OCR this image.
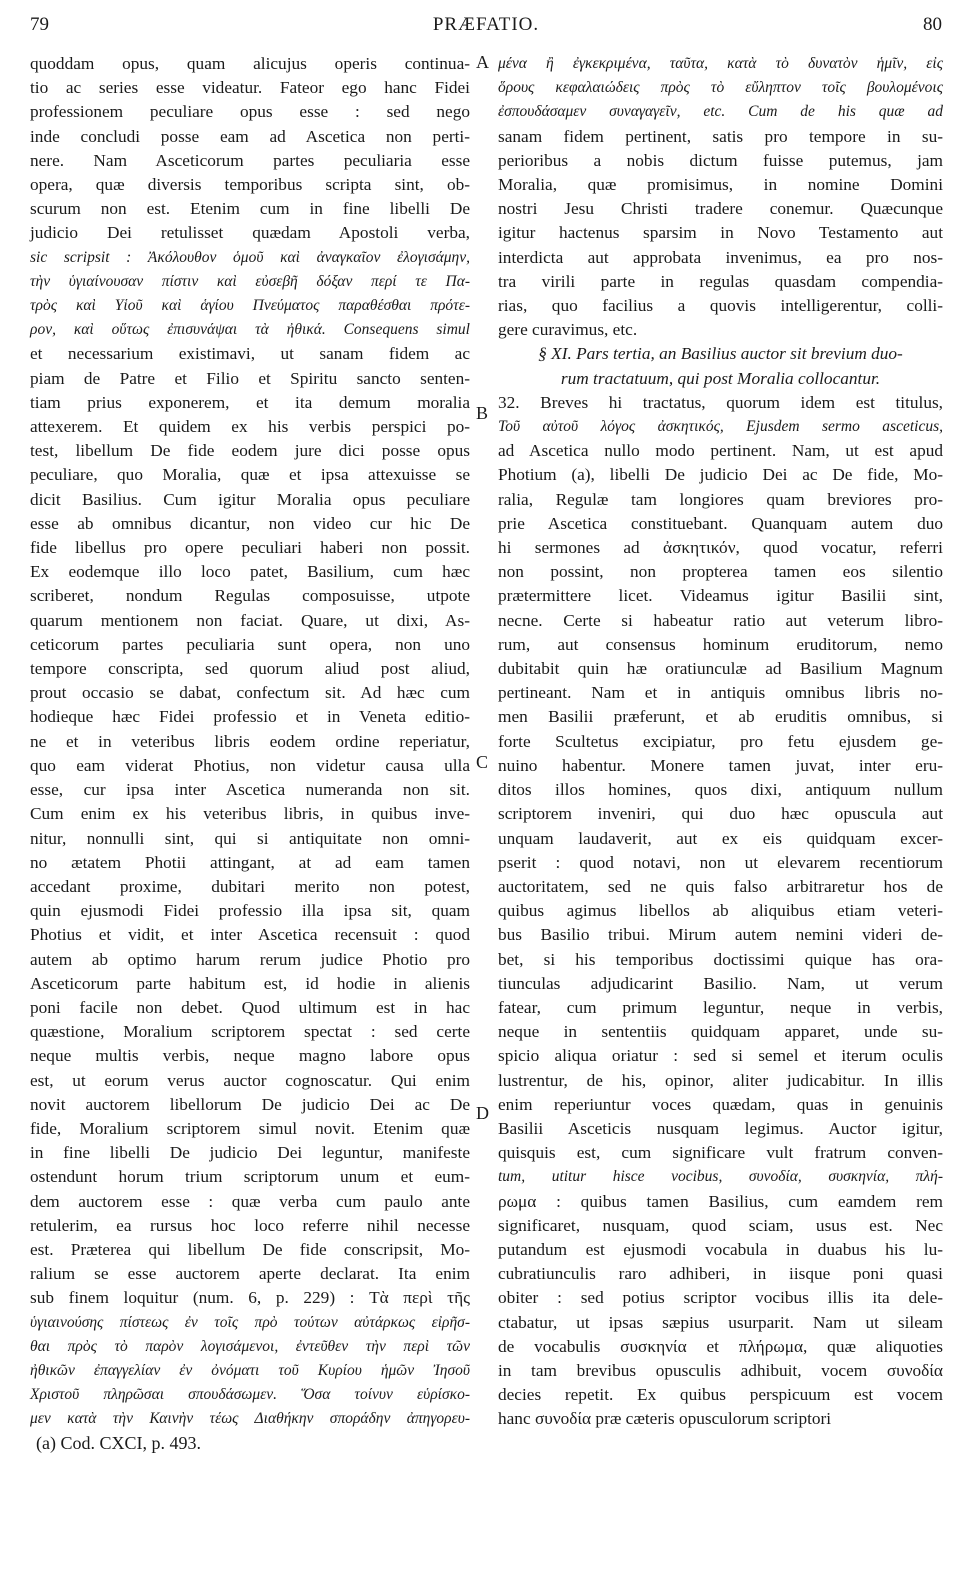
79	PRÆFATIO.	80
A
B
C
D
quoddam opus, quam alicujus operis continua-
tio ac series esse videatur. Fateor ego hanc Fidei
professionem peculiare opus esse : sed nego
inde concludi posse eam ad Ascetica non perti-
nere. Nam Asceticorum partes peculiaria esse
opera, quæ diversis temporibus scripta sint, ob-
scurum non est. Etenim cum in fine libelli De
judicio Dei retulisset quædam Apostoli verba,
sic scripsit : Ἀκόλουθον ὁμοῦ καὶ ἀναγκαῖον ἐλογισάμην,
τὴν ὑγιαίνουσαν πίστιν καὶ εὐσεβῆ δόξαν περί τε Πα-
τρὸς καὶ Υἱοῦ καὶ ἁγίου Πνεύματος παραθέσθαι πρότε-
ρον, καὶ οὕτως ἐπισυνάψαι τὰ ἠθικά. Consequens simul
et necessarium existimavi, ut sanam fidem ac
piam de Patre et Filio et Spiritu sancto senten-
tiam prius exponerem, et ita demum moralia
attexerem. Et quidem ex his verbis perspici po-
test, libellum De fide eodem jure dici posse opus
peculiare, quo Moralia, quæ et ipsa attexuisse se
dicit Basilius. Cum igitur Moralia opus peculiare
esse ab omnibus dicantur, non video cur hic De
fide libellus pro opere peculiari haberi non possit.
Ex eodemque illo loco patet, Basilium, cum hæc
scriberet, nondum Regulas composuisse, utpote
quarum mentionem non faciat. Quare, ut dixi, As-
ceticorum partes peculiaria sunt opera, non uno
tempore conscripta, sed quorum aliud post aliud,
prout occasio se dabat, confectum sit. Ad hæc cum
hodieque hæc Fidei professio et in Veneta editio-
ne et in veteribus libris eodem ordine reperiatur,
quo eam viderat Photius, non videtur causa ulla
esse, cur ipsa inter Ascetica numeranda non sit.
Cum enim ex his veteribus libris, in quibus inve-
nitur, nonnulli sint, qui si antiquitate non omni-
no ætatem Photii attingant, at ad eam tamen
accedant proxime, dubitari merito non potest,
quin ejusmodi Fidei professio illa ipsa sit, quam
Photius et vidit, et inter Ascetica recensuit : quod
autem ab optimo harum rerum judice Photio pro
Asceticorum parte habitum est, id hodie in alienis
poni facile non debet. Quod ultimum est in hac
quæstione, Moralium scriptorem spectat : sed certe
neque multis verbis, neque magno labore opus
est, ut eorum verus auctor cognoscatur. Qui enim
novit auctorem libellorum De judicio Dei ac De
fide, Moralium scriptorem simul novit. Etenim quæ
in fine libelli De judicio Dei leguntur, manifeste
ostendunt horum trium scriptorum unum et eum-
dem auctorem esse : quæ verba cum paulo ante
retulerim, ea rursus hoc loco referre nihil necesse
est. Præterea qui libellum De fide conscripsit, Mo-
ralium se esse auctorem aperte declarat. Ita enim
sub finem loquitur (num. 6, p. 229) : Τὰ περὶ τῆς
ὑγιαινούσης πίστεως ἐν τοῖς πρὸ τούτων αὐτάρκως εἰρῆσ-
θαι πρὸς τὸ παρὸν λογισάμενοι, ἐντεῦθεν τὴν περὶ τῶν
ἠθικῶν ἐπαγγελίαν ἐν ὀνόματι τοῦ Κυρίου ἡμῶν Ἰησοῦ
Χριστοῦ πληρῶσαι σπουδάσωμεν. Ὅσα τοίνυν εὑρίσκο-
μεν κατὰ τὴν Καινὴν τέως Διαθήκην σποράδην ἀπηγορευ-
μένα ἢ ἐγκεκριμένα, ταῦτα, κατὰ τὸ δυνατὸν ἡμῖν, εἰς
ὅρους κεφαλαιώδεις πρὸς τὸ εὔληπτον τοῖς βουλομένοις
ἐσπουδάσαμεν συναγαγεῖν, etc. Cum de his quæ ad
sanam fidem pertinent, satis pro tempore in su-
perioribus a nobis dictum fuisse putemus, jam
Moralia, quæ promisimus, in nomine Domini
nostri Jesu Christi tradere conemur. Quæcunque
igitur hactenus sparsim in Novo Testamento aut
interdicta aut approbata invenimus, ea pro nos-
tra virili parte in regulas quasdam compendia-
rias, quo facilius a quovis intelligerentur, colli-
gere curavimus, etc.
§ XI. Pars tertia, an Basilius auctor sit brevium duo-
rum tractatuum, qui post Moralia collocantur.
32. Breves hi tractatus, quorum idem est titulus,
Τοῦ αὐτοῦ λόγος ἀσκητικός, Ejusdem sermo asceticus,
ad Ascetica nullo modo pertinent. Nam, ut est apud
Photium (a), libelli De judicio Dei ac De fide, Mo-
ralia, Regulæ tam longiores quam breviores pro-
prie Ascetica constituebant. Quanquam autem duo
hi sermones ad ἀσκητικόν, quod vocatur, referri
non possint, non propterea tamen eos silentio
prætermittere licet. Videamus igitur Basilii sint,
necne. Certe si habeatur ratio aut veterum libro-
rum, aut consensus hominum eruditorum, nemo
dubitabit quin hæ oratiunculæ ad Basilium Magnum
pertineant. Nam et in antiquis omnibus libris no-
men Basilii præferunt, et ab eruditis omnibus, si
forte Scultetus excipiatur, pro fetu ejusdem ge-
nuino habentur. Monere tamen juvat, inter eru-
ditos illos homines, quos dixi, antiquum nullum
scriptorem inveniri, qui duo hæc opuscula aut
unquam laudaverit, aut ex eis quidquam excer-
pserit : quod notavi, non ut elevarem recentiorum
auctoritatem, sed ne quis falso arbitraretur hos de
quibus agimus libellos ab aliquibus etiam veteri-
bus Basilio tribui. Mirum autem nemini videri de-
bet, si his temporibus doctissimi quique has ora-
tiunculas adjudicarint Basilio. Nam, ut verum
fatear, cum primum leguntur, neque in verbis,
neque in sententiis quidquam apparet, unde su-
spicio aliqua oriatur : sed si semel et iterum oculis
lustrentur, de his, opinor, aliter judicabitur. In illis
enim reperiuntur voces quædam, quas in genuinis
Basilii Asceticis nusquam legimus. Auctor igitur,
quisquis est, cum significare vult fratrum conven-
tum, utitur hisce vocibus, συνοδία, συσκηνία, πλή-
ρωμα : quibus tamen Basilius, cum eamdem rem
significaret, nusquam, quod sciam, usus est. Nec
putandum est ejusmodi vocabula in duabus his lu-
cubratiunculis raro adhiberi, in iisque poni quasi
obiter : sed potius scriptor vocibus illis ita dele-
ctabatur, ut ipsas sæpius usurparit. Nam ut sileam
de vocabulis συσκηνία et πλήρωμα, quæ aliquoties
in tam brevibus opusculis adhibuit, vocem συνοδία
decies repetit. Ex quibus perspicuum est vocem
hanc συνοδία præ cæteris opusculorum scriptori
(a) Cod. CXCI, p. 493.
